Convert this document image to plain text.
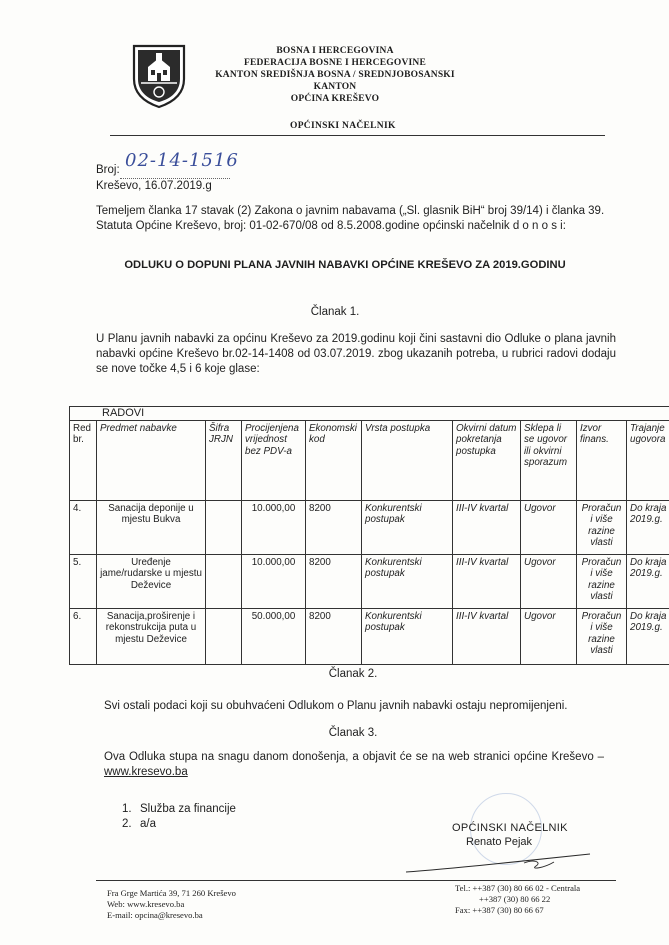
BOSNA I HERCEGOVINA
FEDERACIJA BOSNE I HERCEGOVINE
KANTON SREDIŠNJA BOSNA / SREDNJOBOSANSKI KANTON
OPĆINA KREŠEVO
OPĆINSKI NAČELNIK
Broj: 02-14-1516
Kreševo, 16.07.2019.g
Temeljem članka 17 stavak (2) Zakona o javnim nabavama („Sl. glasnik BiH“ broj 39/14) i članka 39. Statuta Općine Kreševo, broj: 01-02-670/08 od 8.5.2008.godine općinski načelnik d o n o s i:
ODLUKU O DOPUNI PLANA JAVNIH NABAVKI OPĆINE KREŠEVO ZA 2019.GODINU
Članak 1.
U Planu javnih nabavki za općinu Kreševo za 2019.godinu koji čini sastavni dio Odluke o plana javnih nabavki općine Kreševo br.02-14-1408 od 03.07.2019. zbog ukazanih potreba, u rubrici radovi dodaju se nove točke 4,5 i 6 koje glase:
RADOVI									
Red br.	Predmet nabavke	Šifra JRJN	Procijenjena vrijednost bez PDV-a	Ekonomski kod	Vrsta postupka	Okvirni datum pokretanja postupka	Sklepa li se ugovor ili okvirni sporazum	Izvor finans.	Trajanje ugovora
4.	Sanacija deponije u mjestu Bukva		10.000,00	8200	Konkurentski postupak	III-IV kvartal	Ugovor	Proračun i više razine vlasti	Do kraja 2019.g.
5.	Uređenje jame/rudarske u mjestu Deževice		10.000,00	8200	Konkurentski postupak	III-IV kvartal	Ugovor	Proračun i više razine vlasti	Do kraja 2019.g.
6.	Sanacija,proširenje i rekonstrukcija puta u mjestu Deževice		50.000,00	8200	Konkurentski postupak	III-IV kvartal	Ugovor	Proračun i više razine vlasti	Do kraja 2019.g.
Članak 2.
Svi ostali podaci koji su obuhvaćeni Odlukom o Planu javnih nabavki ostaju nepromijenjeni.
Članak 3.
Ova Odluka stupa na snagu danom donošenja, a objavit će se na web stranici općine Kreševo – www.kresevo.ba
1. Služba za financije
2. a/a	OPĆINSKI NAČELNIK
Renato Pejak
Fra Grge Martića 39, 71 260 Kreševo
Web: www.kresevo.ba
E-mail: opcina@kresevo.ba
Tel.: ++387 (30) 80 66 02 - Centrala
++387 (30) 80 66 22
Fax: ++387 (30) 80 66 67
